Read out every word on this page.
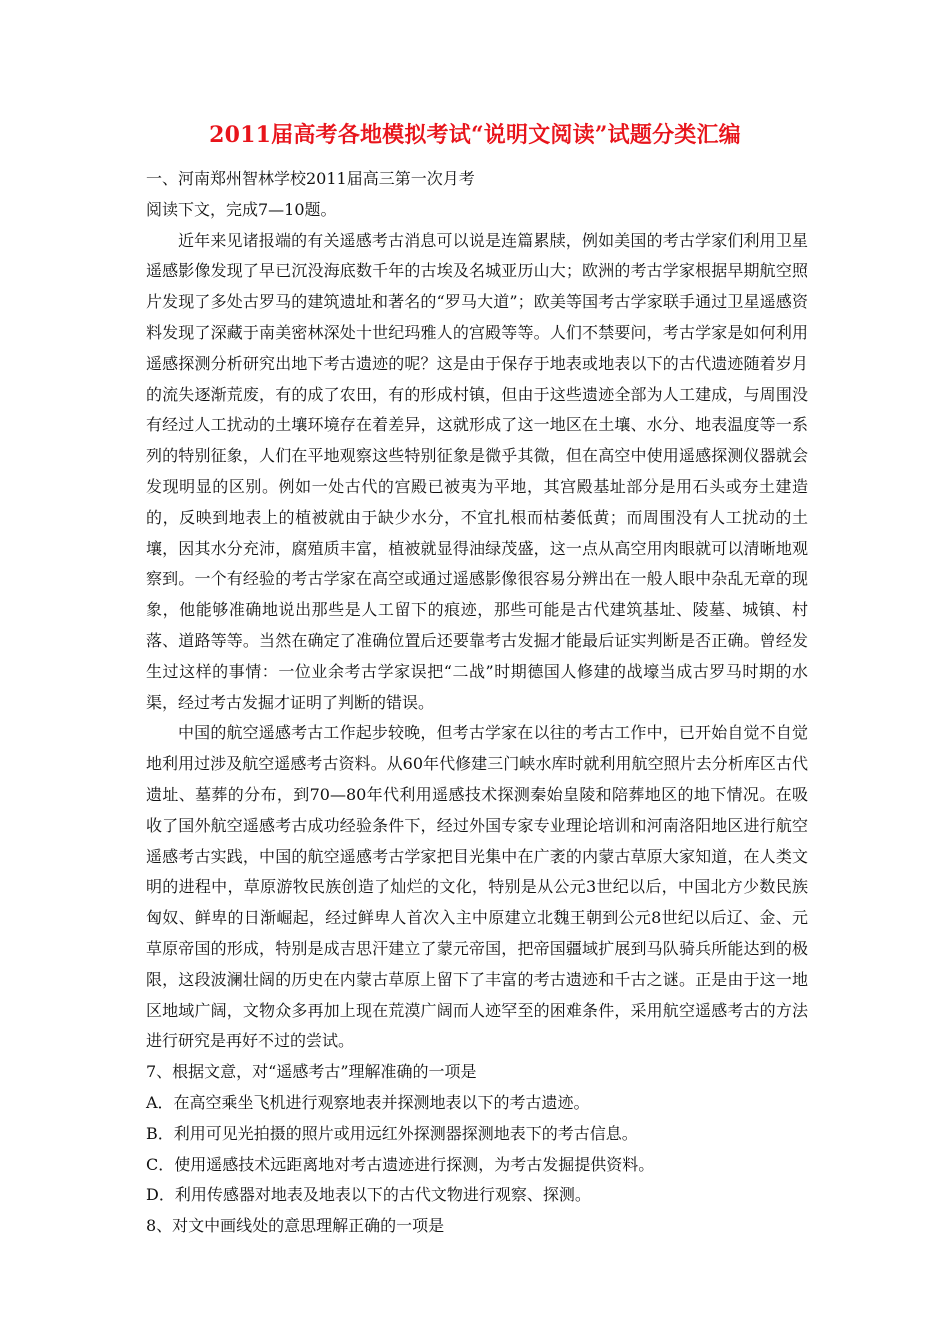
2011届高考各地模拟考试“说明文阅读”试题分类汇编

一、河南郑州智林学校2011届高三第一次月考

阅读下文，完成7—10题。

近年来见诸报端的有关遥感考古消息可以说是连篇累牍，例如美国的考古学家们利用卫星遥感影像发现了早已沉没海底数千年的古埃及名城亚历山大；欧洲的考古学家根据早期航空照片发现了多处古罗马的建筑遗址和著名的“罗马大道”；欧美等国考古学家联手通过卫星遥感资料发现了深藏于南美密林深处十世纪玛雅人的宫殿等等。人们不禁要问，考古学家是如何利用遥感探测分析研究出地下考古遗迹的呢？这是由于保存于地表或地表以下的古代遗迹随着岁月的流失逐渐荒废，有的成了农田，有的形成村镇，但由于这些遗迹全部为人工建成，与周围没有经过人工扰动的土壤环境存在着差异，这就形成了这一地区在土壤、水分、地表温度等一系列的特别征象，人们在平地观察这些特别征象是微乎其微，但在高空中使用遥感探测仪器就会发现明显的区别。例如一处古代的宫殿已被夷为平地，其宫殿基址部分是用石头或夯土建造的，反映到地表上的植被就由于缺少水分，不宜扎根而枯萎低黄；而周围没有人工扰动的土壤，因其水分充沛，腐殖质丰富，植被就显得油绿茂盛，这一点从高空用肉眼就可以清晰地观察到。一个有经验的考古学家在高空或通过遥感影像很容易分辨出在一般人眼中杂乱无章的现象，他能够准确地说出那些是人工留下的痕迹，那些可能是古代建筑基址、陵墓、城镇、村落、道路等等。当然在确定了准确位置后还要靠考古发掘才能最后证实判断是否正确。曾经发生过这样的事情：一位业余考古学家误把“二战”时期德国人修建的战壕当成古罗马时期的水渠，经过考古发掘才证明了判断的错误。

中国的航空遥感考古工作起步较晚，但考古学家在以往的考古工作中，已开始自觉不自觉地利用过涉及航空遥感考古资料。从60年代修建三门峡水库时就利用航空照片去分析库区古代遗址、墓葬的分布，到70—80年代利用遥感技术探测秦始皇陵和陪葬地区的地下情况。在吸收了国外航空遥感考古成功经验条件下，经过外国专家专业理论培训和河南洛阳地区进行航空遥感考古实践，中国的航空遥感考古学家把目光集中在广袤的内蒙古草原大家知道，在人类文明的进程中，草原游牧民族创造了灿烂的文化，特别是从公元3世纪以后，中国北方少数民族匈奴、鲜卑的日渐崛起，经过鲜卑人首次入主中原建立北魏王朝到公元8世纪以后辽、金、元草原帝国的形成，特别是成吉思汗建立了蒙元帝国，把帝国疆域扩展到马队骑兵所能达到的极限，这段波澜壮阔的历史在内蒙古草原上留下了丰富的考古遗迹和千古之谜。正是由于这一地区地域广阔，文物众多再加上现在荒漠广阔而人迹罕至的困难条件，采用航空遥感考古的方法进行研究是再好不过的尝试。

7、根据文意，对“遥感考古”理解准确的一项是

A．在高空乘坐飞机进行观察地表并探测地表以下的考古遗迹。

B．利用可见光拍摄的照片或用远红外探测器探测地表下的考古信息。

C．使用遥感技术远距离地对考古遗迹进行探测，为考古发掘提供资料。

D．利用传感器对地表及地表以下的古代文物进行观察、探测。

8、对文中画线处的意思理解正确的一项是
